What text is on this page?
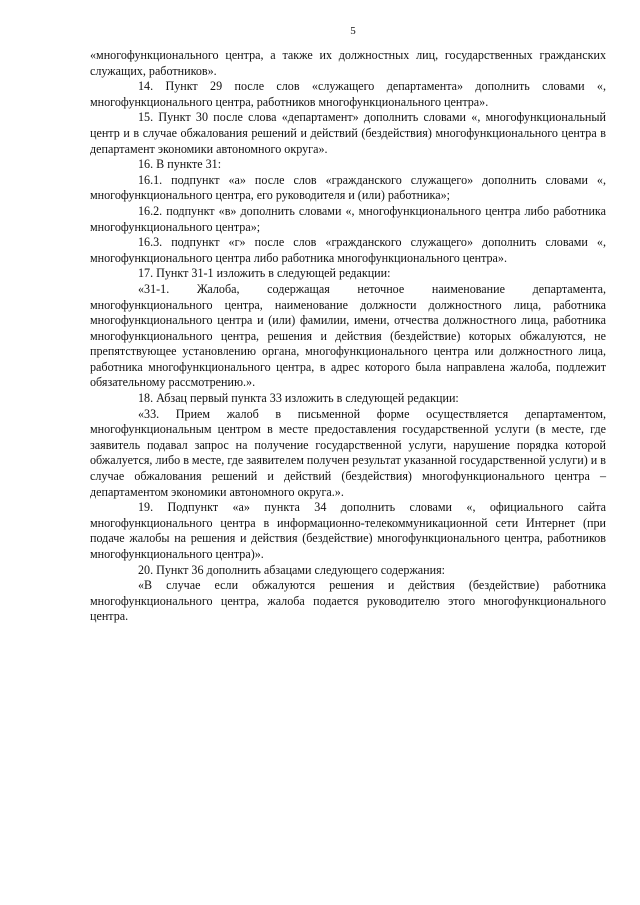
5

«многофункционального центра, а также их должностных лиц, государственных гражданских служащих, работников».

14. Пункт 29 после слов «служащего департамента» дополнить словами «, многофункционального центра, работников многофункционального центра».

15. Пункт 30 после слова «департамент» дополнить словами «, многофункциональный центр и в случае обжалования решений и действий (бездействия) многофункционального центра в департамент экономики автономного округа».

16. В пункте 31:

16.1. подпункт «а» после слов «гражданского служащего» дополнить словами «, многофункционального центра, его руководителя и (или) работника»;

16.2. подпункт «в» дополнить словами «, многофункционального центра либо работника многофункционального центра»;

16.3. подпункт «г» после слов «гражданского служащего» дополнить словами «, многофункционального центра либо работника многофункционального центра».

17. Пункт 31-1 изложить в следующей редакции:

«31-1. Жалоба, содержащая неточное наименование департамента, многофункционального центра, наименование должности должностного лица, работника многофункционального центра и (или) фамилии, имени, отчества должностного лица, работника многофункционального центра, решения и действия (бездействие) которых обжалуются, не препятствующее установлению органа, многофункционального центра или должностного лица, работника многофункционального центра, в адрес которого была направлена жалоба, подлежит обязательному рассмотрению.».

18. Абзац первый пункта 33 изложить в следующей редакции:

«33. Прием жалоб в письменной форме осуществляется департаментом, многофункциональным центром в месте предоставления государственной услуги (в месте, где заявитель подавал запрос на получение государственной услуги, нарушение порядка которой обжалуется, либо в месте, где заявителем получен результат указанной государственной услуги) и в случае обжалования решений и действий (бездействия) многофункционального центра – департаментом экономики автономного округа.».

19. Подпункт «а» пункта 34 дополнить словами «, официального сайта многофункционального центра в информационно-телекоммуникационной сети Интернет (при подаче жалобы на решения и действия (бездействие) многофункционального центра, работников многофункционального центра)».

20. Пункт 36 дополнить абзацами следующего содержания:

«В случае если обжалуются решения и действия (бездействие) работника многофункционального центра, жалоба подается руководителю этого многофункционального центра.
